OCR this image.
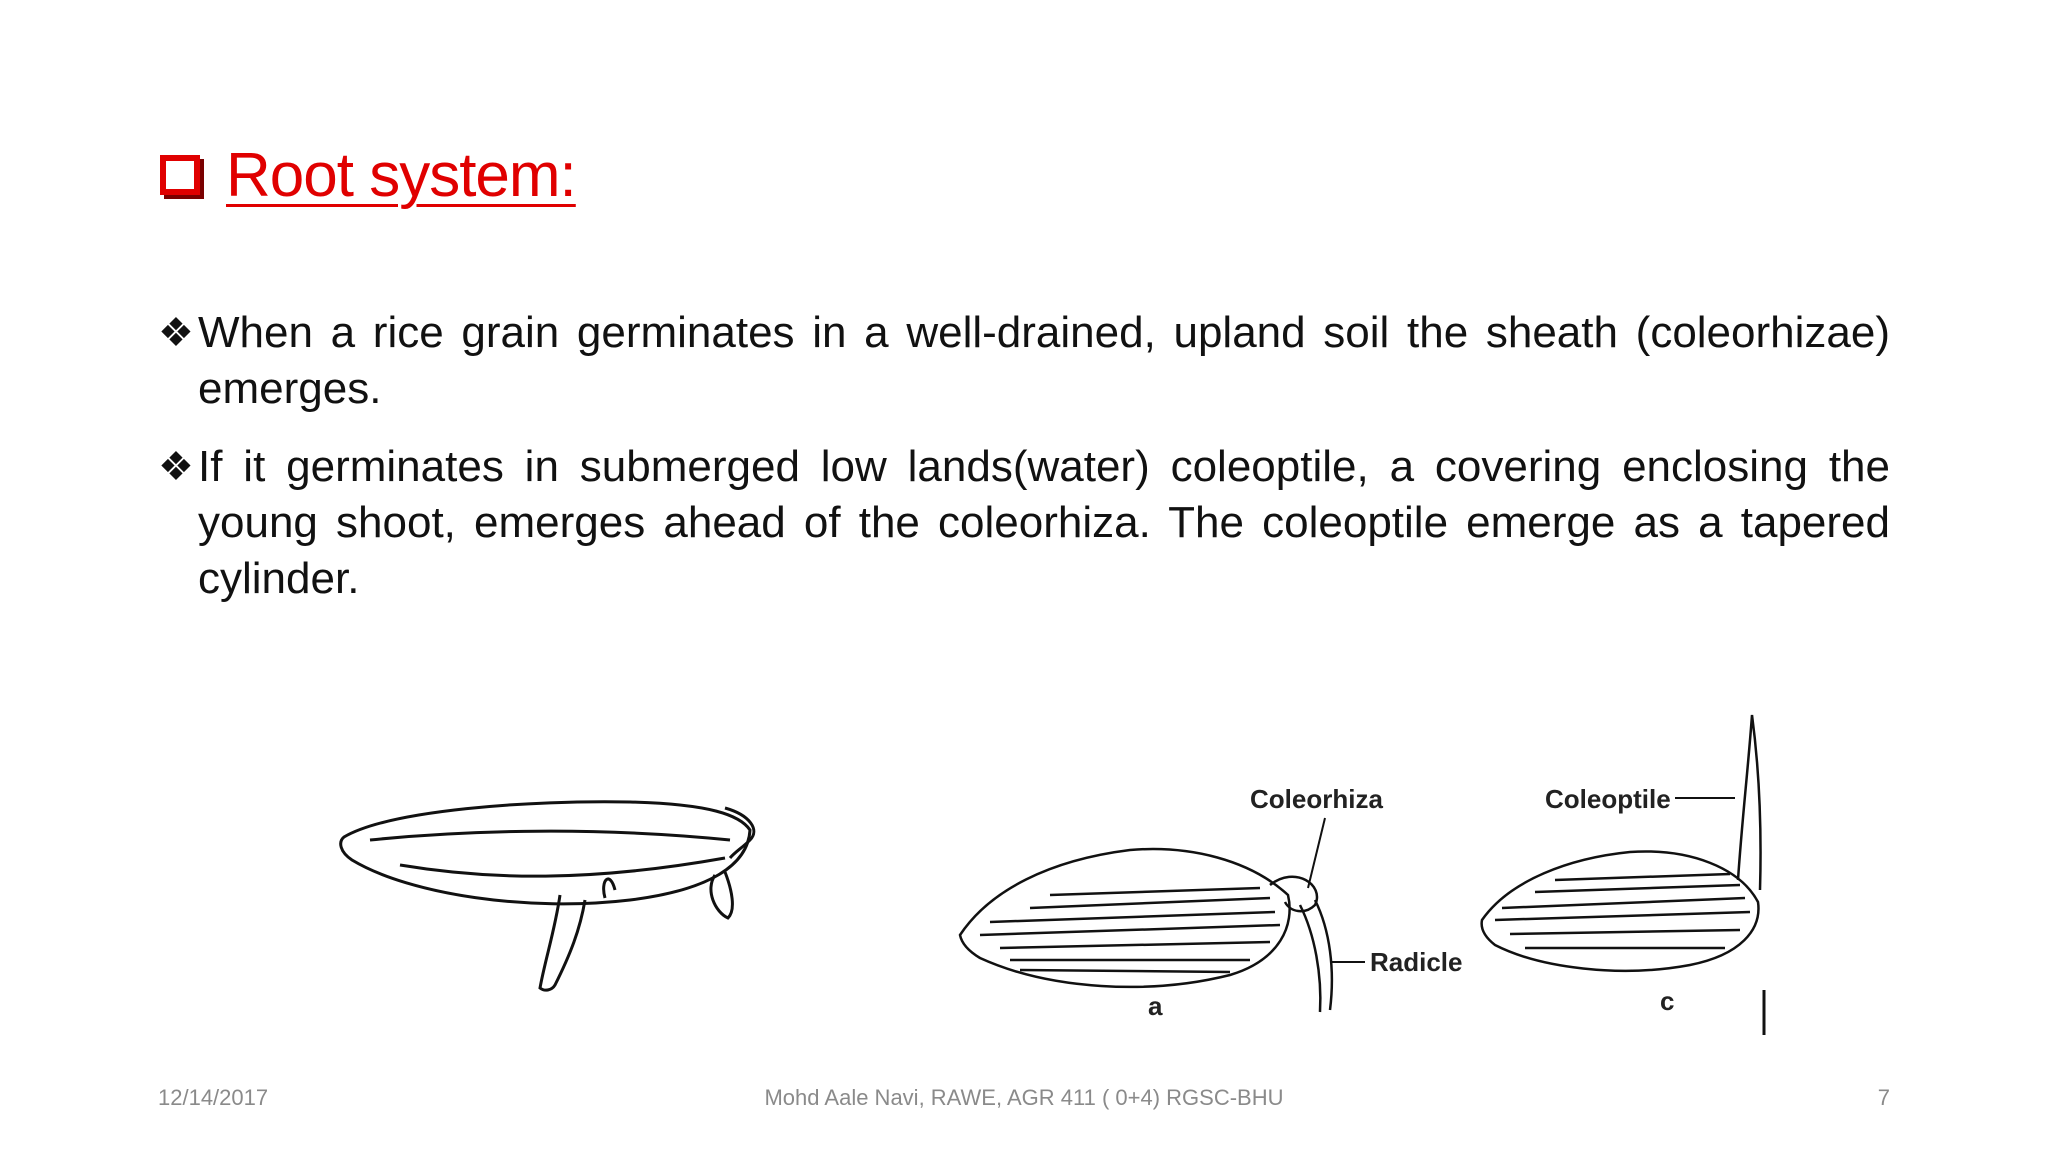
Root system:
❖ When a rice grain germinates in a well-drained, upland soil the sheath (coleorhizae) emerges.
❖ If it germinates in submerged low lands(water) coleoptile, a covering enclosing the young shoot, emerges ahead of the coleorhiza. The coleoptile emerge as a tapered cylinder.
Coleorhiza
Radicle
a
Coleoptile
c
12/14/2017	Mohd Aale Navi, RAWE, AGR 411 ( 0+4) RGSC-BHU	7
